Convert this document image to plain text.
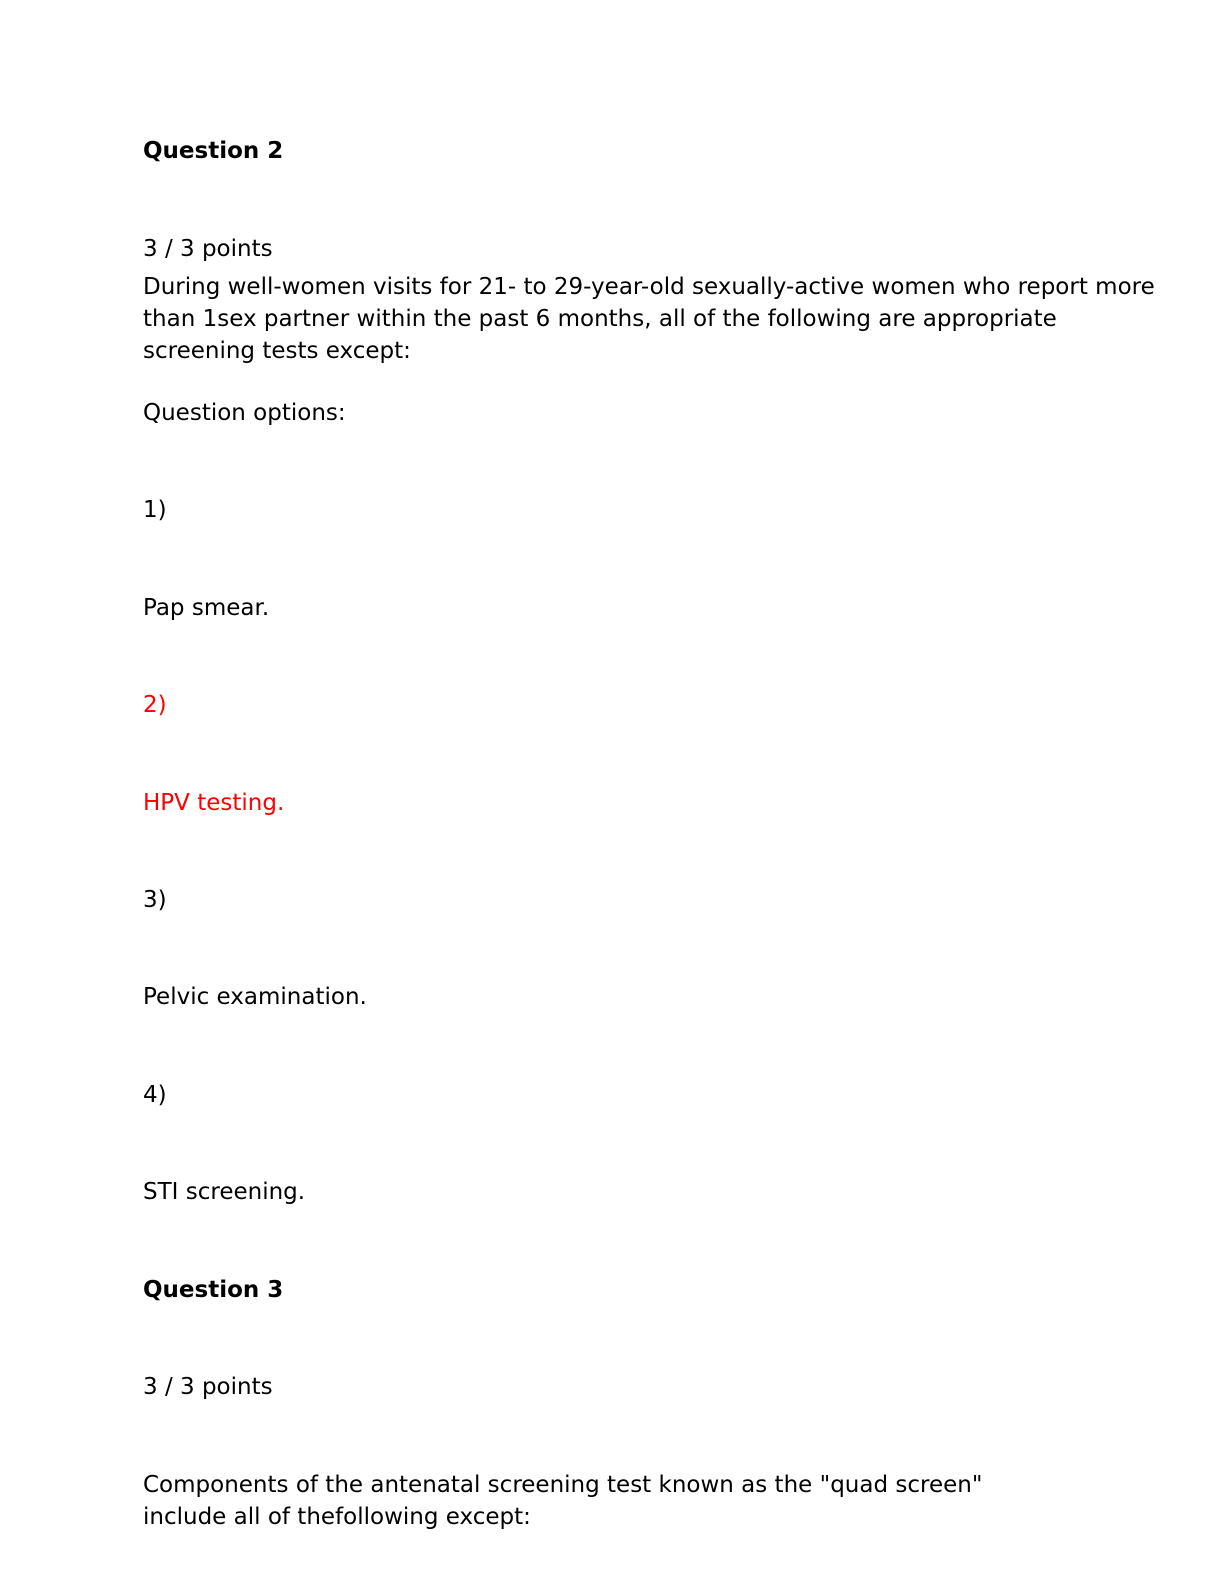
Question 2

3 / 3 points

During well-women visits for 21- to 29-year-old sexually-active women who report more
than 1sex partner within the past 6 months, all of the following are appropriate
screening tests except:

Question options:

1)

Pap smear.

2)

HPV testing.

3)

Pelvic examination.

4)

STI screening.

Question 3

3 / 3 points

Components of the antenatal screening test known as the "quad screen"
include all of thefollowing except:
